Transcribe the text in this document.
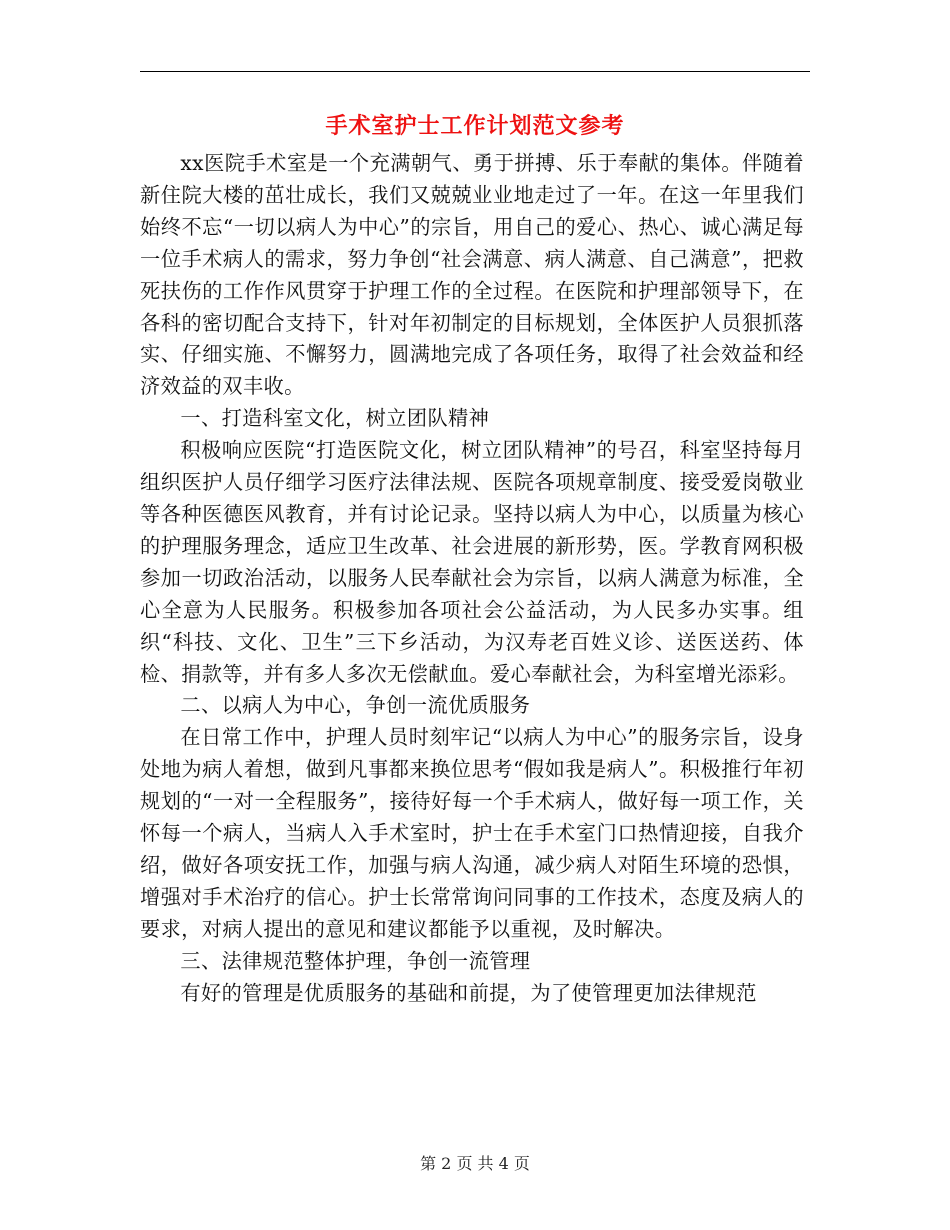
手术室护士工作计划范文参考

xx医院手术室是一个充满朝气、勇于拼搏、乐于奉献的集体。伴随着新住院大楼的茁壮成长，我们又兢兢业业地走过了一年。在这一年里我们始终不忘“一切以病人为中心”的宗旨，用自己的爱心、热心、诚心满足每一位手术病人的需求，努力争创“社会满意、病人满意、自己满意”，把救死扶伤的工作作风贯穿于护理工作的全过程。在医院和护理部领导下，在各科的密切配合支持下，针对年初制定的目标规划，全体医护人员狠抓落实、仔细实施、不懈努力，圆满地完成了各项任务，取得了社会效益和经济效益的双丰收。

一、打造科室文化，树立团队精神

积极响应医院“打造医院文化，树立团队精神”的号召，科室坚持每月组织医护人员仔细学习医疗法律法规、医院各项规章制度、接受爱岗敬业等各种医德医风教育，并有讨论记录。坚持以病人为中心，以质量为核心的护理服务理念，适应卫生改革、社会进展的新形势，医。学教育网积极参加一切政治活动，以服务人民奉献社会为宗旨，以病人满意为标准，全心全意为人民服务。积极参加各项社会公益活动，为人民多办实事。组织“科技、文化、卫生”三下乡活动，为汉寿老百姓义诊、送医送药、体检、捐款等，并有多人多次无偿献血。爱心奉献社会，为科室增光添彩。

二、以病人为中心，争创一流优质服务

在日常工作中，护理人员时刻牢记“以病人为中心”的服务宗旨，设身处地为病人着想，做到凡事都来换位思考“假如我是病人”。积极推行年初规划的“一对一全程服务”，接待好每一个手术病人，做好每一项工作，关怀每一个病人，当病人入手术室时，护士在手术室门口热情迎接，自我介绍，做好各项安抚工作，加强与病人沟通，减少病人对陌生环境的恐惧，增强对手术治疗的信心。护士长常常询问同事的工作技术，态度及病人的要求，对病人提出的意见和建议都能予以重视，及时解决。

三、法律规范整体护理，争创一流管理

有好的管理是优质服务的基础和前提，为了使管理更加法律规范

第 2 页 共 4 页
